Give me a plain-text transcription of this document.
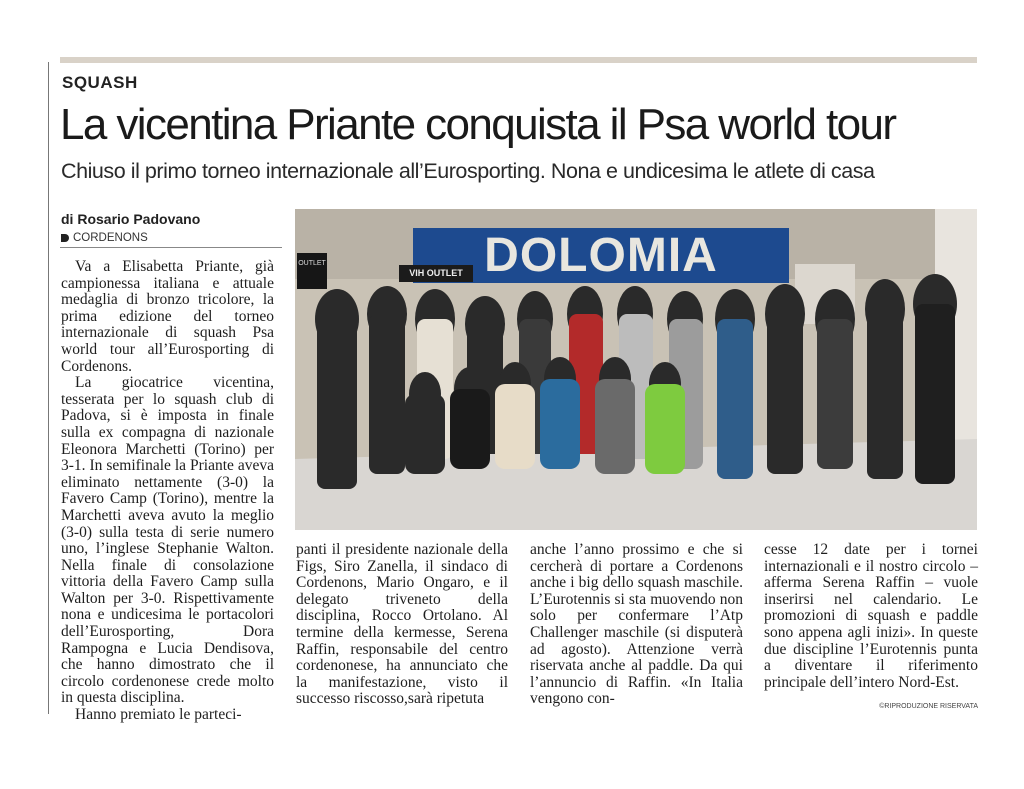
SQUASH
La vicentina Priante conquista il Psa world tour
Chiuso il primo torneo internazionale all’Eurosporting. Nona e undicesima le atlete di casa
di Rosario Padovano
CORDENONS

Va a Elisabetta Priante, già campionessa italiana e attuale medaglia di bronzo tricolore, la prima edizione del torneo internazionale di squash Psa world tour all’Eurosporting di Cordenons.

La giocatrice vicentina, tesserata per lo squash club di Padova, si è imposta in finale sulla ex compagna di nazionale Eleonora Marchetti (Torino) per 3-1. In semifinale la Priante aveva eliminato nettamente (3-0) la Favero Camp (Torino), mentre la Marchetti aveva avuto la meglio (3-0) sulla testa di serie numero uno, l’inglese Stephanie Walton. Nella finale di consolazione vittoria della Favero Camp sulla Walton per 3-0. Rispettivamente nona e undicesima le portacolori dell’Eurosporting, Dora Rampogna e Lucia Dendisova, che hanno dimostrato che il circolo cordenonese crede molto in questa disciplina.

Hanno premiato le parteci-

DOLOMIA
VIH OUTLET
OUTLET
panti il presidente nazionale della Figs, Siro Zanella, il sindaco di Cordenons, Mario Ongaro, e il delegato triveneto della disciplina, Rocco Ortolano. Al termine della kermesse, Serena Raffin, responsabile del centro cordenonese, ha annunciato che la manifestazione, visto il successo riscosso,sarà ripetuta
anche l’anno prossimo e che si cercherà di portare a Cordenons anche i big dello squash maschile. L’Eurotennis si sta muovendo non solo per confermare l’Atp Challenger maschile (si disputerà ad agosto). Attenzione verrà riservata anche al paddle. Da qui l’annuncio di Raffin. «In Italia vengono con-
cesse 12 date per i tornei internazionali e il nostro circolo – afferma Serena Raffin – vuole inserirsi nel calendario. Le promozioni di squash e paddle sono appena agli inizi». In queste due discipline l’Eurotennis punta a diventare il riferimento principale dell’intero Nord-Est.
©RIPRODUZIONE RISERVATA
